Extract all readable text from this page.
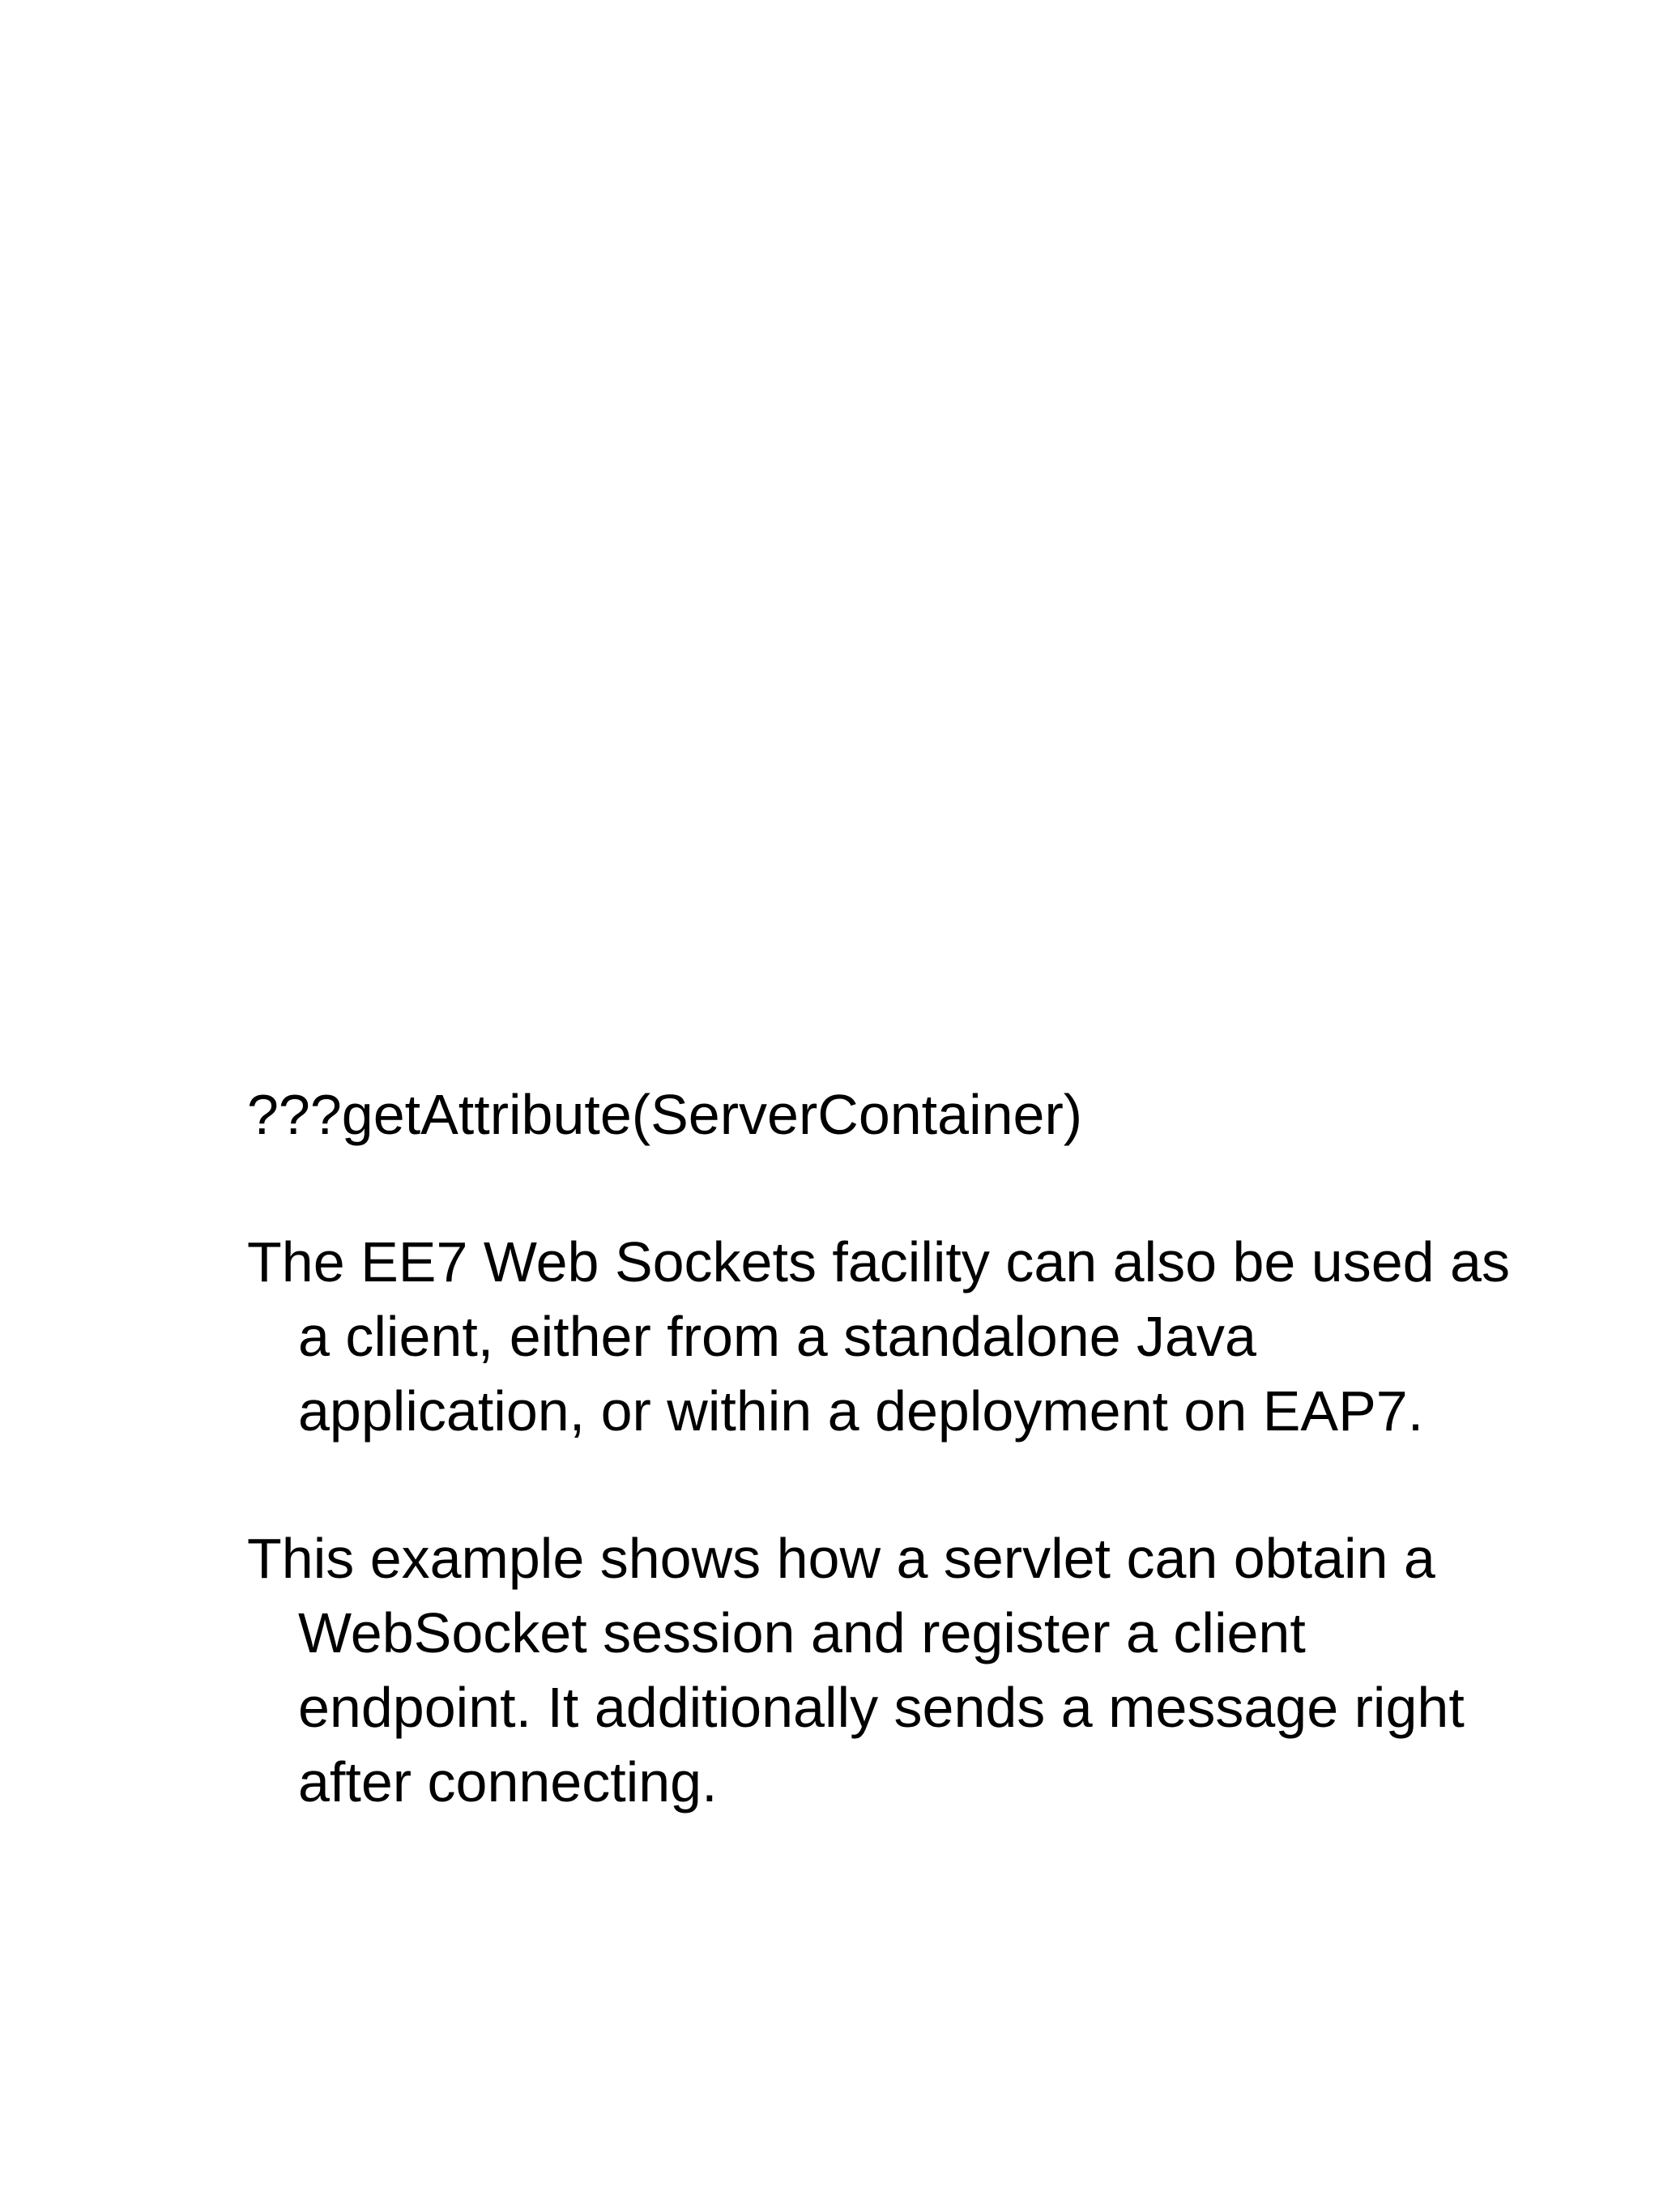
???getAttribute(ServerContainer)

The EE7 Web Sockets facility can also be used as a client, either from a standalone Java application, or within a deployment on EAP7.

This example shows how a servlet can obtain a WebSocket session and register a client endpoint. It additionally sends a message right after connecting.
